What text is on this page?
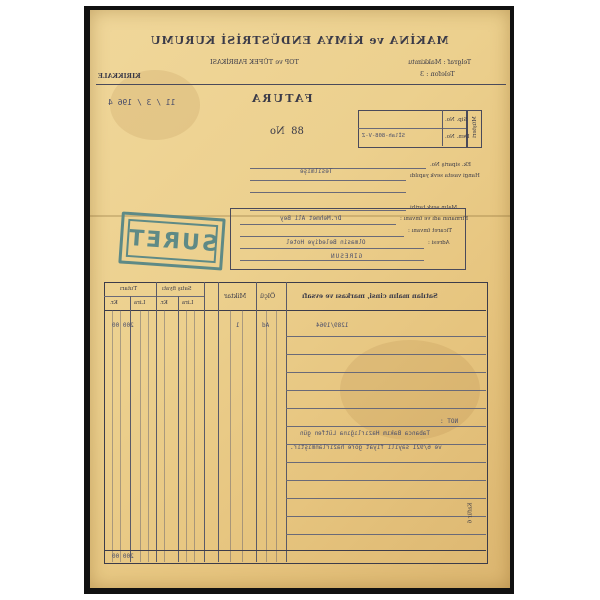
MAKİNA ve KİMYA ENDÜSTRİSİ KURUMU
TOP ve TÜFEK FABRİKASI	Telgraf : Makkimtu
Telefon : 3
KIRIKKALE
FATURA
11 / 3 / 196 4
88  No
Sip. No.
Den. No.
Sİlah-808-V-Z	Müşteri
Ek. sipariş No.
Hangi vasıta sevk yapıldı
Tesilmişe
Malın sevk tarihi
Firmanın adı ve ünvanı :
Dr.Mehmet Ali Bey
Ticaret ünvanı :
Adresi :
Olmasin Belediye Hotel
GİRESUN
SURET
Satılan malın cinsi, markası ve evsafı
Ölçü
Miktar
Satış fiyatı
Tutarı
Lira
Kr.
Lira
Kr.
1289/1964
Ad
1
200 00
NOT :
Tabanca Bakım Hazırlığına Lütfen gün
ve 6/921 sayılı fiyat göre hazırlanmıştır.
Kafür 6
200 00
